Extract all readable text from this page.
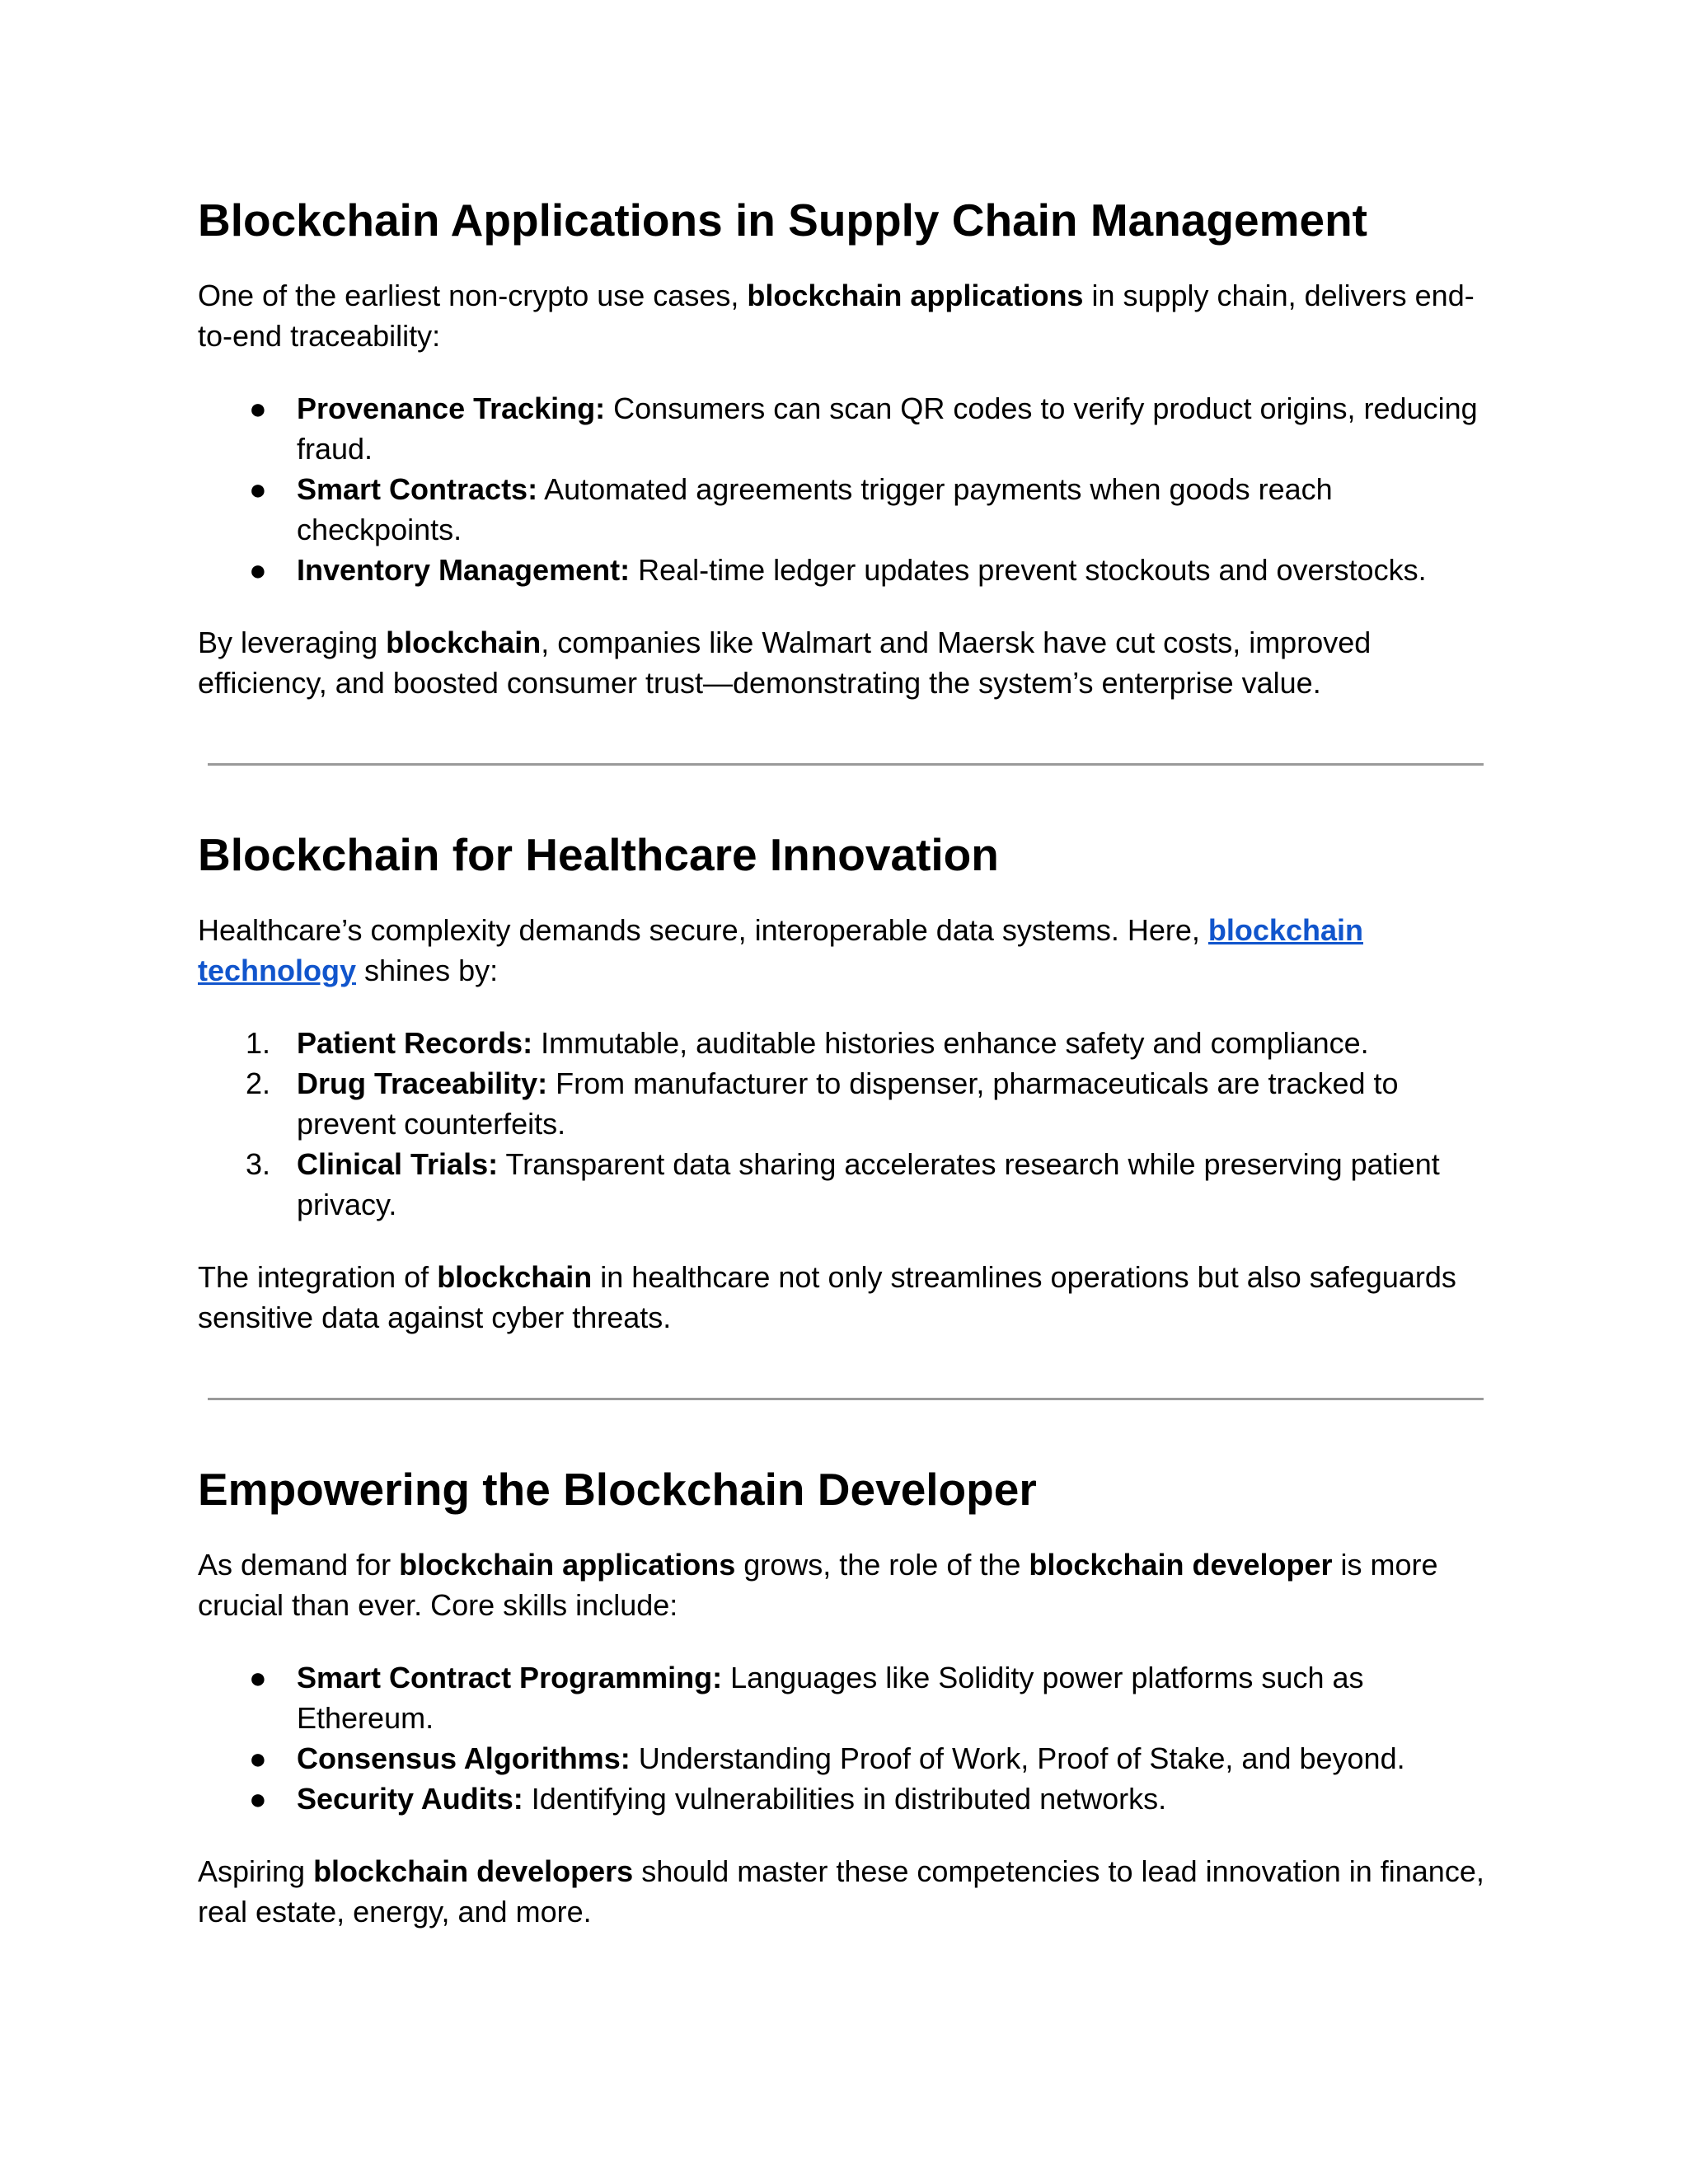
Blockchain Applications in Supply Chain Management

One of the earliest non-crypto use cases, blockchain applications in supply chain, delivers end-to-end traceability:

● Provenance Tracking: Consumers can scan QR codes to verify product origins, reducing fraud.
● Smart Contracts: Automated agreements trigger payments when goods reach checkpoints.
● Inventory Management: Real-time ledger updates prevent stockouts and overstocks.

By leveraging blockchain, companies like Walmart and Maersk have cut costs, improved efficiency, and boosted consumer trust—demonstrating the system’s enterprise value.

Blockchain for Healthcare Innovation

Healthcare’s complexity demands secure, interoperable data systems. Here, blockchain technology shines by:

1. Patient Records: Immutable, auditable histories enhance safety and compliance.
2. Drug Traceability: From manufacturer to dispenser, pharmaceuticals are tracked to prevent counterfeits.
3. Clinical Trials: Transparent data sharing accelerates research while preserving patient privacy.

The integration of blockchain in healthcare not only streamlines operations but also safeguards sensitive data against cyber threats.

Empowering the Blockchain Developer

As demand for blockchain applications grows, the role of the blockchain developer is more crucial than ever. Core skills include:

● Smart Contract Programming: Languages like Solidity power platforms such as Ethereum.
● Consensus Algorithms: Understanding Proof of Work, Proof of Stake, and beyond.
● Security Audits: Identifying vulnerabilities in distributed networks.

Aspiring blockchain developers should master these competencies to lead innovation in finance, real estate, energy, and more.
